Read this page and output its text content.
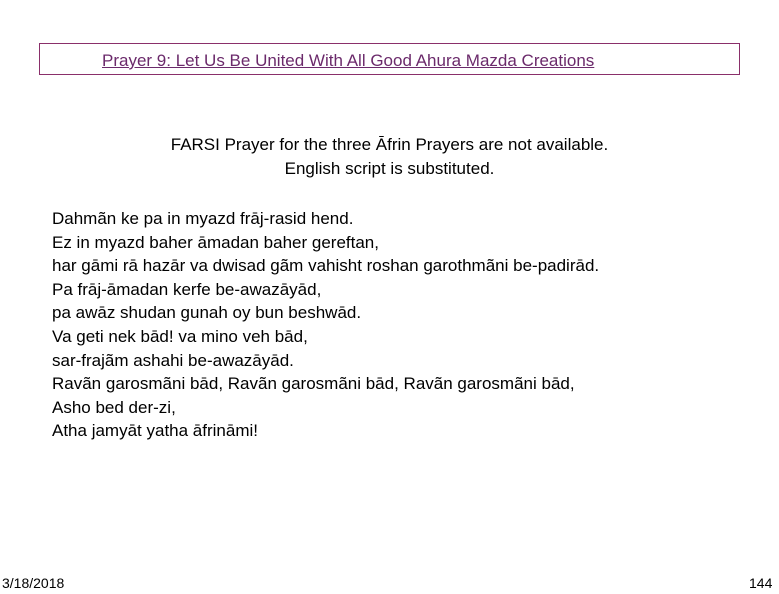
Prayer 9: Let Us Be United With All Good Ahura Mazda Creations
FARSI Prayer for the three Āfrin Prayers are not available.
English script is substituted.
Dahmãn ke pa in myazd frāj-rasid hend.
Ez in myazd baher āmadan baher gereftan,
har gāmi rā hazār va dwisad gãm vahisht roshan garothmãni be-padirād.
Pa frāj-āmadan kerfe be-awazāyād,
pa awāz shudan gunah oy bun beshwād.
Va geti nek bād! va mino veh bād,
sar-frajãm ashahi be-awazāyād.
Ravãn garosmãni bād, Ravãn garosmãni bād, Ravãn garosmãni bād,
Asho bed der-zi,
Atha jamyāt yatha āfrināmi!
3/18/2018	144
